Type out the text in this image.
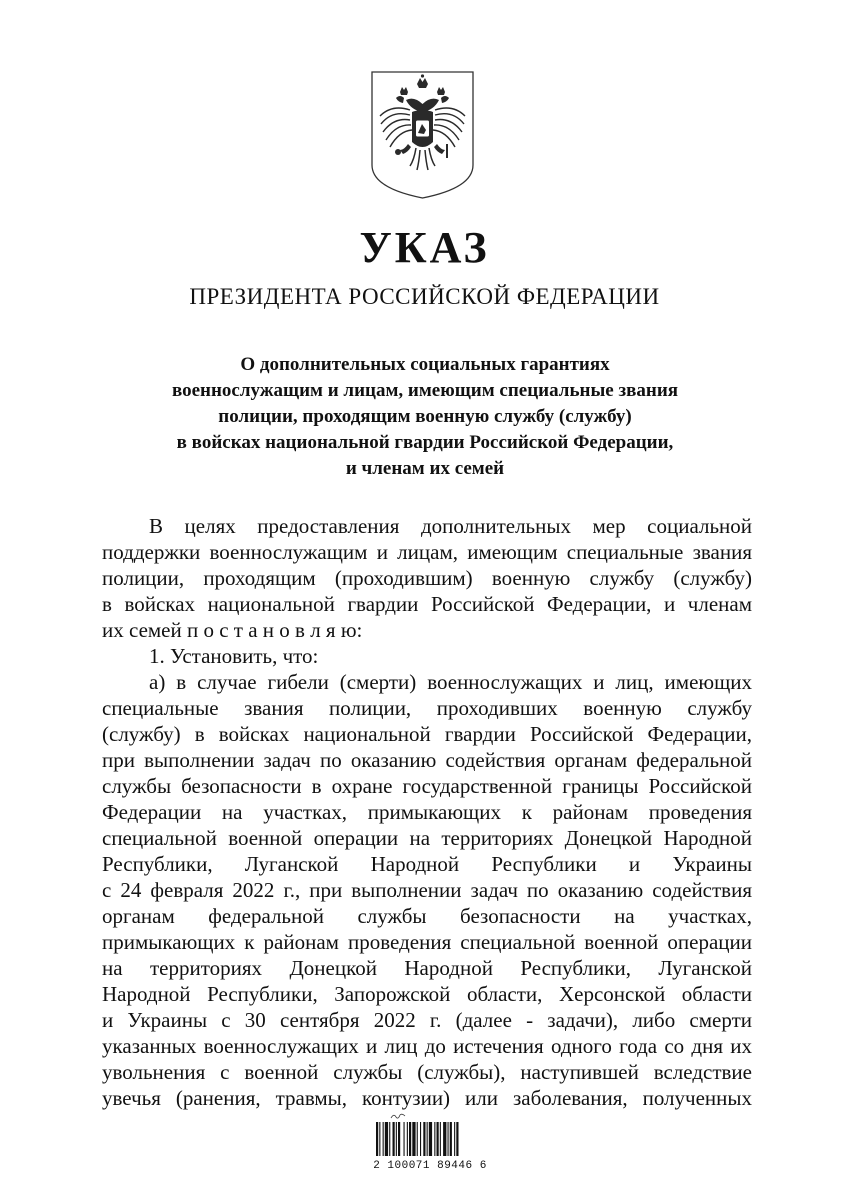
УКАЗ
ПРЕЗИДЕНТА РОССИЙСКОЙ ФЕДЕРАЦИИ
О дополнительных социальных гарантиях
военнослужащим и лицам, имеющим специальные звания
полиции, проходящим военную службу (службу)
в войсках национальной гвардии Российской Федерации,
и членам их семей
В целях предоставления дополнительных мер социальной
поддержки военнослужащим и лицам, имеющим специальные звания
полиции, проходящим (проходившим) военную службу (службу)
в войсках национальной гвардии Российской Федерации, и членам
их семей п о с т а н о в л я ю:
1. Установить, что:
а) в случае гибели (смерти) военнослужащих и лиц, имеющих
специальные звания полиции, проходивших военную службу
(службу) в войсках национальной гвардии Российской Федерации,
при выполнении задач по оказанию содействия органам федеральной
службы безопасности в охране государственной границы Российской
Федерации на участках, примыкающих к районам проведения
специальной военной операции на территориях Донецкой Народной
Республики, Луганской Народной Республики и Украины
с 24 февраля 2022 г., при выполнении задач по оказанию содействия
органам федеральной службы безопасности на участках,
примыкающих к районам проведения специальной военной операции
на территориях Донецкой Народной Республики, Луганской
Народной Республики, Запорожской области, Херсонской области
и Украины с 30 сентября 2022 г. (далее - задачи), либо смерти
указанных военнослужащих и лиц до истечения одного года со дня их
увольнения с военной службы (службы), наступившей вследствие
увечья (ранения, травмы, контузии) или заболевания, полученных
2 100071 89446 6
